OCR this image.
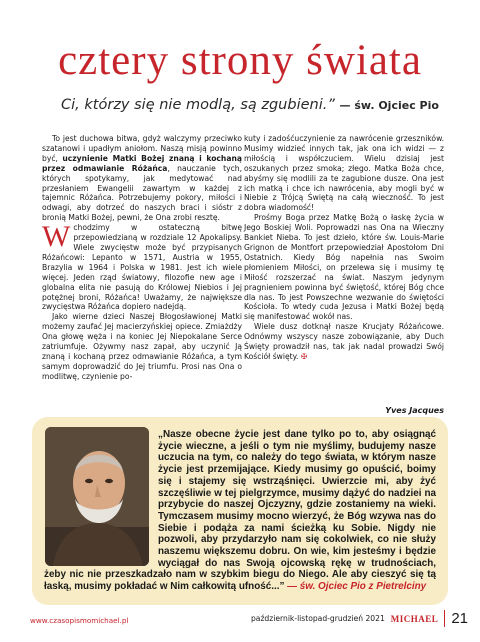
cztery strony świata
Ci, którzy się nie modlą, są zgubieni.” — św. Ojciec Pio

To jest duchowa bitwa, gdyż walczymy przeciwko szatanowi i upadłym aniołom. Naszą misją powinno być, uczynienie Matki Bożej znaną i kochaną przez odmawianie Różańca, nauczanie tych, których spotykamy, jak medytować nad przesłaniem Ewangelii zawartym w każdej z tajemnic Różańca. Potrzebujemy pokory, miłości i odwagi, aby dotrzeć do naszych braci i sióstr z bronią Matki Bożej, pewni, że Ona zrobi resztę.

Wchodzimy w ostateczną bitwę przepowiedzianą w rozdziale 12 Apokalipsy. Wiele zwycięstw może być przypisanych Różańcowi: Lepanto w 1571, Austria w 1955, Brazylia w 1964 i Polska w 1981. Jest ich wiele więcej. Jeden rząd światowy, filozofie new age i globalna elita nie pasują do Królowej Niebios i Jej potężnej broni, Różańca! Uważamy, że największe zwycięstwa Różańca dopiero nadejdą.

Jako wierne dzieci Naszej Błogosławionej Matki możemy zaufać Jej macierzyńskiej opiece. Zmiażdży Ona głowę węża i na koniec Jej Niepokalane Serce zatriumfuje. Ożywmy nasz zapał, aby uczynić Ją znaną i kochaną przez odmawianie Różańca, a tym samym doprowadzić do Jej triumfu. Prosi nas Ona o modlitwę, czynienie po-

kuty i zadośćuczynienie za nawrócenie grzeszników. Musimy widzieć innych tak, jak ona ich widzi — z miłością i współczuciem. Wielu dzisiaj jest oszukanych przez smoka; złego. Matka Boża chce, abyśmy się modlili za te zagubione dusze. Ona jest ich matką i chce ich nawrócenia, aby mogli być w Niebie z Trójcą Świętą na całą wieczność. To jest dobra wiadomość!

Prośmy Boga przez Matkę Bożą o łaskę życia w Jego Boskiej Woli. Poprowadzi nas Ona na Wieczny Bankiet Nieba. To jest dzieło, które św. Louis-Marie Grignon de Montfort przepowiedział Apostołom Dni Ostatnich. Kiedy Bóg napełnia nas Swoim płomieniem Miłości, on przelewa się i musimy tę Miłość rozszerzać na świat. Naszym jedynym pragnieniem powinna być świętość, której Bóg chce dla nas. To jest Powszechne wezwanie do świętości Kościoła. To wtedy cuda Jezusa i Matki Bożej będą się manifestować wokół nas.

Wiele dusz dotknął nasze Krucjaty Różańcowe. Odnówmy wszyscy nasze zobowiązanie, aby Duch Święty prowadził nas, tak jak nadal prowadzi Swój Kościół święty. ✠

Yves Jacques

„Nasze obecne życie jest dane tylko po to, aby osiągnąć życie wieczne, a jeśli o tym nie myślimy, budujemy nasze uczucia na tym, co należy do tego świata, w którym nasze życie jest przemijające. Kiedy musimy go opuścić, boimy się i stajemy się wstrząśnięci. Uwierzcie mi, aby żyć szczęśliwie w tej pielgrzymce, musimy dążyć do nadziei na przybycie do naszej Ojczyzny, gdzie zostaniemy na wieki. Tymczasem musimy mocno wierzyć, że Bóg wzywa nas do Siebie i podąża za nami ścieżką ku Sobie. Nigdy nie pozwoli, aby przydarzyło nam się cokolwiek, co nie służy naszemu większemu dobru. On wie, kim jesteśmy i będzie wyciągał do nas Swoją ojcowską rękę w trudnościach, żeby nic nie przeszkadzało nam w szybkim biegu do Niego. Ale aby cieszyć się tą łaską, musimy pokładać w Nim całkowitą ufność...” — św. Ojciec Pio z Pietrelciny

www.czasopismomichael.pl	październik-listopad-grudzień 2021 MICHAEL 21
